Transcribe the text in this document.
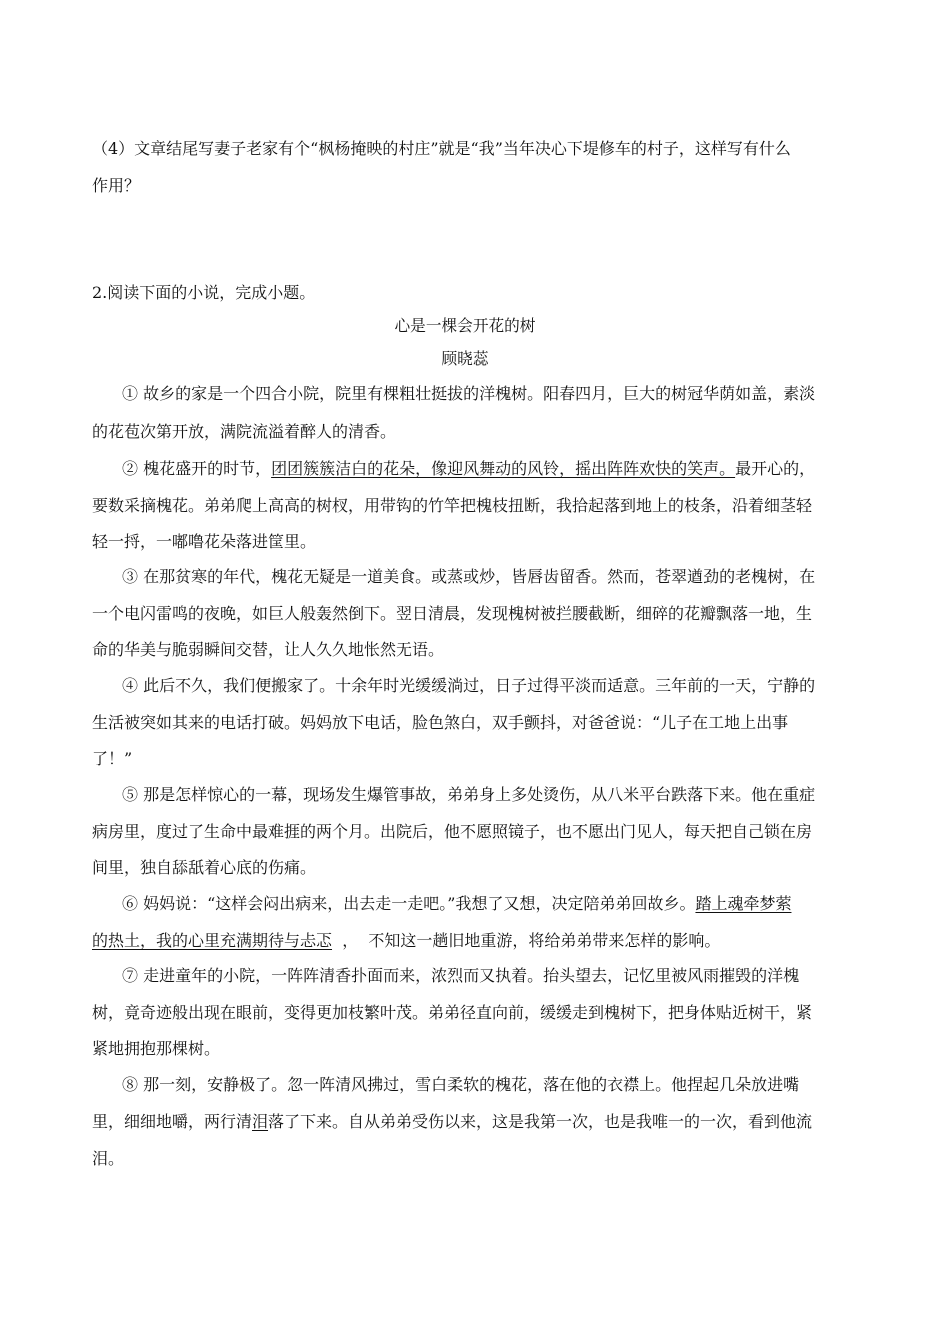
（4）文章结尾写妻子老家有个“枫杨掩映的村庄”就是“我”当年决心下堤修车的村子，这样写有什么
作用？
2.阅读下面的小说，完成小题。
心是一棵会开花的树
顾晓蕊
① 故乡的家是一个四合小院，院里有棵粗壮挺拔的洋槐树。阳春四月，巨大的树冠华荫如盖，素淡
的花苞次第开放，满院流溢着醉人的清香。
② 槐花盛开的时节，团团簇簇洁白的花朵，像迎风舞动的风铃，摇出阵阵欢快的笑声。最开心的，
要数采摘槐花。弟弟爬上高高的树杈，用带钩的竹竿把槐枝扭断，我拾起落到地上的枝条，沿着细茎轻
轻一捋，一嘟噜花朵落进筐里。
③ 在那贫寒的年代，槐花无疑是一道美食。或蒸或炒，皆唇齿留香。然而，苍翠遒劲的老槐树，在
一个电闪雷鸣的夜晚，如巨人般轰然倒下。翌日清晨，发现槐树被拦腰截断，细碎的花瓣飘落一地，生
命的华美与脆弱瞬间交替，让人久久地怅然无语。
④ 此后不久，我们便搬家了。十余年时光缓缓淌过，日子过得平淡而适意。三年前的一天，宁静的
生活被突如其来的电话打破。妈妈放下电话，脸色煞白，双手颤抖，对爸爸说：“儿子在工地上出事
了！”
⑤ 那是怎样惊心的一幕，现场发生爆管事故，弟弟身上多处烫伤，从八米平台跌落下来。他在重症
病房里，度过了生命中最难捱的两个月。出院后，他不愿照镜子，也不愿出门见人，每天把自己锁在房
间里，独自舔舐着心底的伤痛。
⑥ 妈妈说：“这样会闷出病来，出去走一走吧。”我想了又想，决定陪弟弟回故乡。踏上魂牵梦萦
的热土，我的心里充满期待与忐忑  ，  不知这一趟旧地重游，将给弟弟带来怎样的影响。
⑦ 走进童年的小院，一阵阵清香扑面而来，浓烈而又执着。抬头望去，记忆里被风雨摧毁的洋槐
树，竟奇迹般出现在眼前，变得更加枝繁叶茂。弟弟径直向前，缓缓走到槐树下，把身体贴近树干，紧
紧地拥抱那棵树。
⑧ 那一刻，安静极了。忽一阵清风拂过，雪白柔软的槐花，落在他的衣襟上。他捏起几朵放进嘴
里，细细地嚼，两行清泪落了下来。自从弟弟受伤以来，这是我第一次，也是我唯一的一次，看到他流
泪。
